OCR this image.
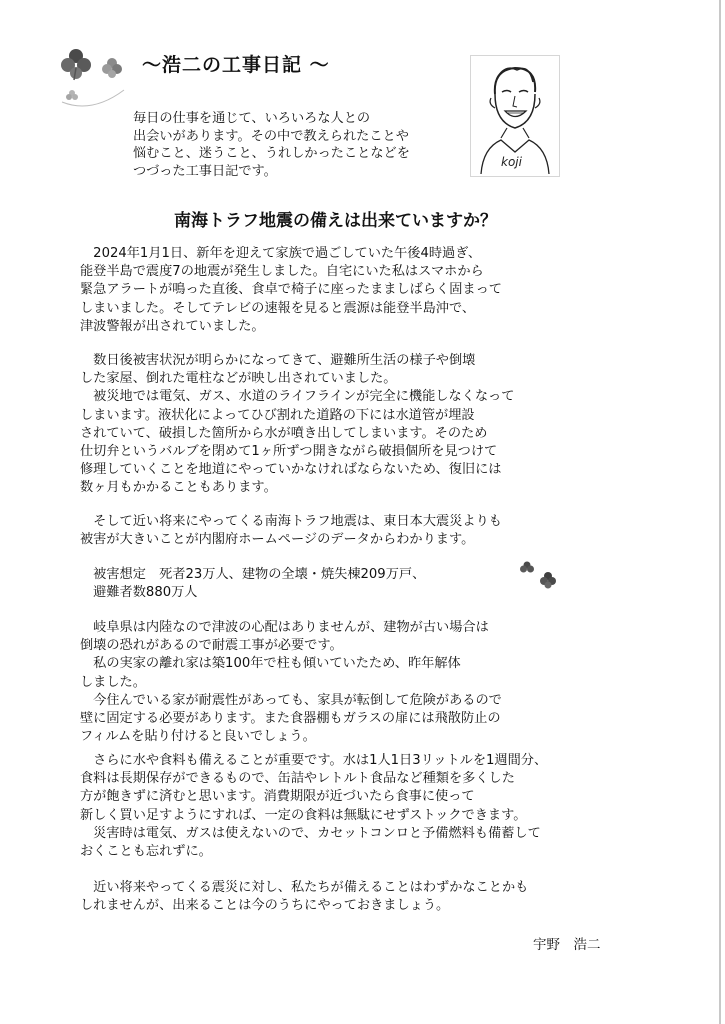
～浩二の工事日記 ～

毎日の仕事を通じて、いろいろな人との
出会いがあります。その中で教えられたことや
悩むこと、迷うこと、うれしかったことなどを
つづった工事日記です。

koji
南海トラフ地震の備えは出来ていますか？

　2024年1月1日、新年を迎えて家族で過ごしていた午後4時過ぎ、
能登半島で震度7の地震が発生しました。自宅にいた私はスマホから
緊急アラートが鳴った直後、食卓で椅子に座ったまましばらく固まって
しまいました。そしてテレビの速報を見ると震源は能登半島沖で、
津波警報が出されていました。

　数日後被害状況が明らかになってきて、避難所生活の様子や倒壊
した家屋、倒れた電柱などが映し出されていました。
　被災地では電気、ガス、水道のライフラインが完全に機能しなくなって
しまいます。液状化によってひび割れた道路の下には水道管が埋設
されていて、破損した箇所から水が噴き出してしまいます。そのため
仕切弁というバルブを閉めて1ヶ所ずつ開きながら破損個所を見つけて
修理していくことを地道にやっていかなければならないため、復旧には
数ヶ月もかかることもあります。

　そして近い将来にやってくる南海トラフ地震は、東日本大震災よりも
被害が大きいことが内閣府ホームページのデータからわかります。

　被害想定　死者23万人、建物の全壊・焼失棟209万戸、
　避難者数880万人

　岐阜県は内陸なので津波の心配はありませんが、建物が古い場合は
倒壊の恐れがあるので耐震工事が必要です。
　私の実家の離れ家は築100年で柱も傾いていたため、昨年解体
しました。
　今住んでいる家が耐震性があっても、家具が転倒して危険があるので
壁に固定する必要があります。また食器棚もガラスの扉には飛散防止の
フィルムを貼り付けると良いでしょう。

　さらに水や食料も備えることが重要です。水は1人1日3リットルを1週間分、
食料は長期保存ができるもので、缶詰やレトルト食品など種類を多くした
方が飽きずに済むと思います。消費期限が近づいたら食事に使って
新しく買い足すようにすれば、一定の食料は無駄にせずストックできます。
　災害時は電気、ガスは使えないので、カセットコンロと予備燃料も備蓄して
おくことも忘れずに。

　近い将来やってくる震災に対し、私たちが備えることはわずかなことかも
しれませんが、出来ることは今のうちにやっておきましょう。

宇野　浩二
